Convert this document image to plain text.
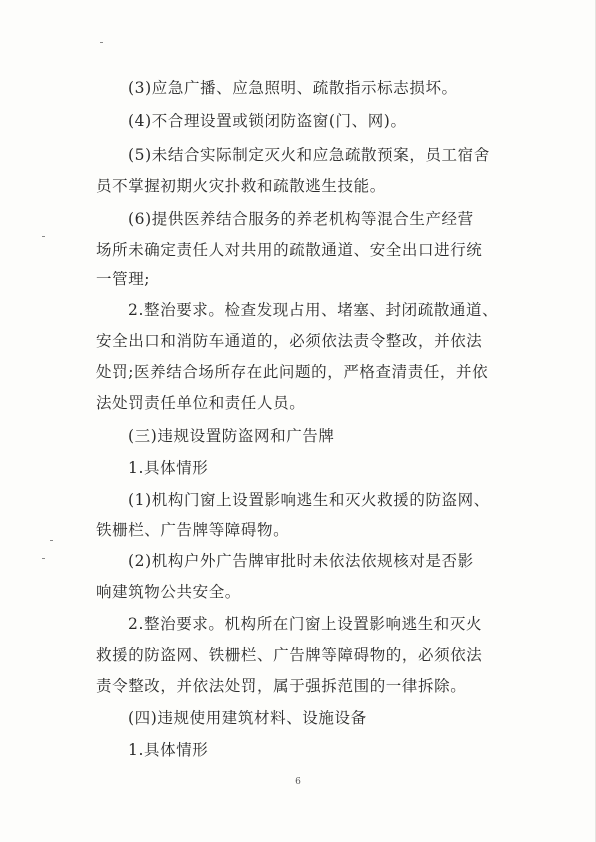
(3)应急广播、应急照明、疏散指示标志损坏。
(4)不合理设置或锁闭防盗窗(门、网)。
(5)未结合实际制定灭火和应急疏散预案，员工宿舍
员不掌握初期火灾扑救和疏散逃生技能。
(6)提供医养结合服务的养老机构等混合生产经营
场所未确定责任人对共用的疏散通道、安全出口进行统
一管理;
2.整治要求。检查发现占用、堵塞、封闭疏散通道、
安全出口和消防车通道的，必须依法责令整改，并依法
处罚;医养结合场所存在此问题的，严格查清责任，并依
法处罚责任单位和责任人员。
(三)违规设置防盗网和广告牌
1.具体情形
(1)机构门窗上设置影响逃生和灭火救援的防盗网、
铁栅栏、广告牌等障碍物。
(2)机构户外广告牌审批时未依法依规核对是否影
响建筑物公共安全。
2.整治要求。机构所在门窗上设置影响逃生和灭火
救援的防盗网、铁栅栏、广告牌等障碍物的，必须依法
责令整改，并依法处罚，属于强拆范围的一律拆除。
(四)违规使用建筑材料、设施设备
1.具体情形
6
